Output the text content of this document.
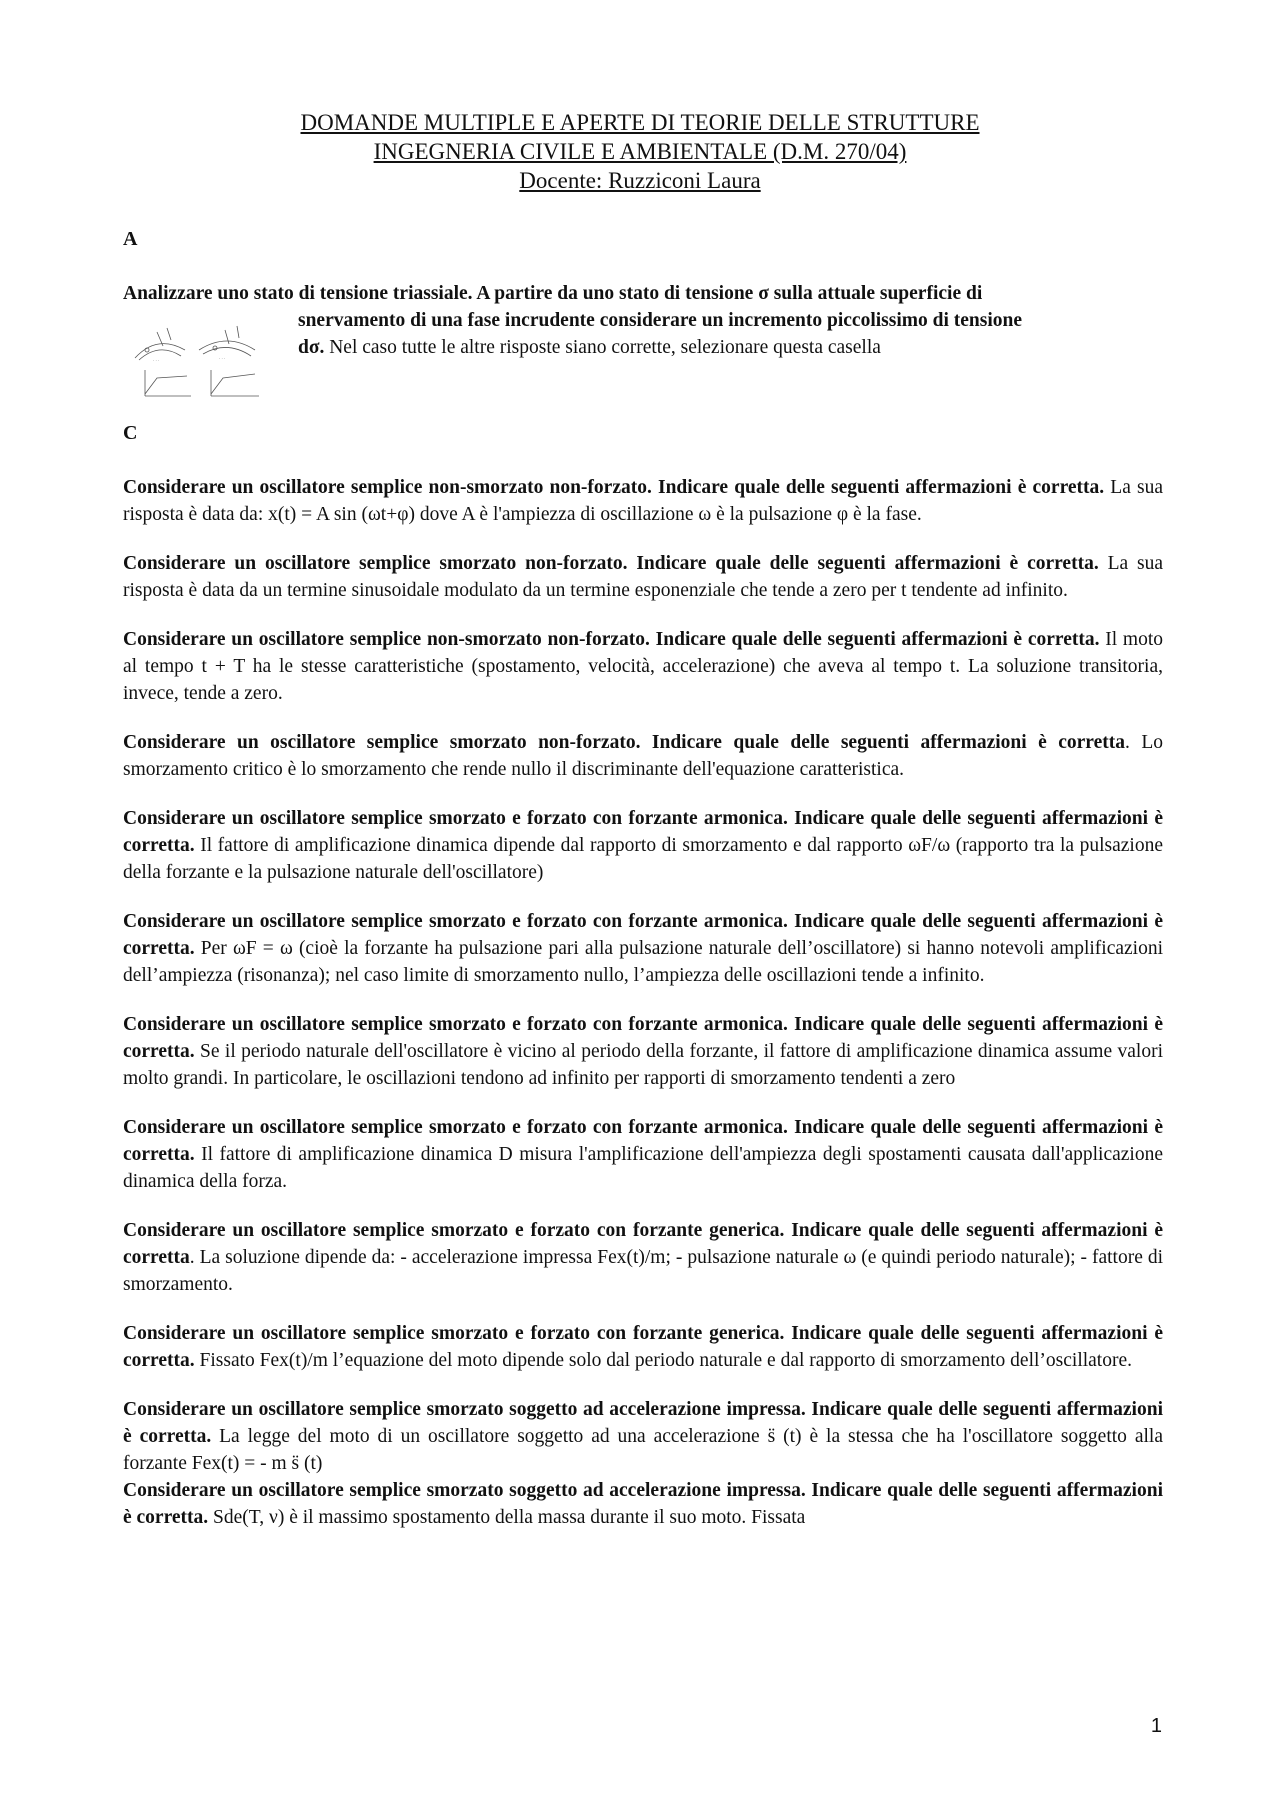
DOMANDE MULTIPLE E APERTE DI TEORIE DELLE STRUTTURE
INGEGNERIA CIVILE E AMBIENTALE (D.M. 270/04)
Docente: Ruzziconi Laura
A
Analizzare uno stato di tensione triassiale. A partire da uno stato di tensione σ sulla attuale superficie di
snervamento di una fase incrudente considerare un incremento piccolissimo di tensione
dσ. Nel caso tutte le altre risposte siano corrette, selezionare questa casella
· · ·	· · ·
C

Considerare un oscillatore semplice non-smorzato non-forzato. Indicare quale delle seguenti affermazioni è corretta. La sua risposta è data da: x(t) = A sin (ωt+φ) dove A è l'ampiezza di oscillazione ω è la pulsazione φ è la fase.

Considerare un oscillatore semplice smorzato non-forzato. Indicare quale delle seguenti affermazioni è corretta. La sua risposta è data da un termine sinusoidale modulato da un termine esponenziale che tende a zero per t tendente ad infinito.

Considerare un oscillatore semplice non-smorzato non-forzato. Indicare quale delle seguenti affermazioni è corretta. Il moto al tempo t + T ha le stesse caratteristiche (spostamento, velocità, accelerazione) che aveva al tempo t. La soluzione transitoria, invece, tende a zero.

Considerare un oscillatore semplice smorzato non-forzato. Indicare quale delle seguenti affermazioni è corretta. Lo smorzamento critico è lo smorzamento che rende nullo il discriminante dell'equazione caratteristica.

Considerare un oscillatore semplice smorzato e forzato con forzante armonica. Indicare quale delle seguenti affermazioni è corretta. Il fattore di amplificazione dinamica dipende dal rapporto di smorzamento e dal rapporto ωF/ω (rapporto tra la pulsazione della forzante e la pulsazione naturale dell'oscillatore)

Considerare un oscillatore semplice smorzato e forzato con forzante armonica. Indicare quale delle seguenti affermazioni è corretta. Per ωF = ω (cioè la forzante ha pulsazione pari alla pulsazione naturale dell’oscillatore) si hanno notevoli amplificazioni dell’ampiezza (risonanza); nel caso limite di smorzamento nullo, l’ampiezza delle oscillazioni tende a infinito.

Considerare un oscillatore semplice smorzato e forzato con forzante armonica. Indicare quale delle seguenti affermazioni è corretta. Se il periodo naturale dell'oscillatore è vicino al periodo della forzante, il fattore di amplificazione dinamica assume valori molto grandi. In particolare, le oscillazioni tendono ad infinito per rapporti di smorzamento tendenti a zero

Considerare un oscillatore semplice smorzato e forzato con forzante armonica. Indicare quale delle seguenti affermazioni è corretta. Il fattore di amplificazione dinamica D misura l'amplificazione dell'ampiezza degli spostamenti causata dall'applicazione dinamica della forza.

Considerare un oscillatore semplice smorzato e forzato con forzante generica. Indicare quale delle seguenti affermazioni è corretta. La soluzione dipende da: - accelerazione impressa Fex(t)/m; - pulsazione naturale ω (e quindi periodo naturale); - fattore di smorzamento.

Considerare un oscillatore semplice smorzato e forzato con forzante generica. Indicare quale delle seguenti affermazioni è corretta. Fissato Fex(t)/m l’equazione del moto dipende solo dal periodo naturale e dal rapporto di smorzamento dell’oscillatore.

Considerare un oscillatore semplice smorzato soggetto ad accelerazione impressa. Indicare quale delle seguenti affermazioni è corretta. La legge del moto di un oscillatore soggetto ad una accelerazione s̈ (t) è la stessa che ha l'oscillatore soggetto alla forzante Fex(t) = - m s̈ (t)

Considerare un oscillatore semplice smorzato soggetto ad accelerazione impressa. Indicare quale delle seguenti affermazioni è corretta. Sde(T, ν) è il massimo spostamento della massa durante il suo moto. Fissata

1
